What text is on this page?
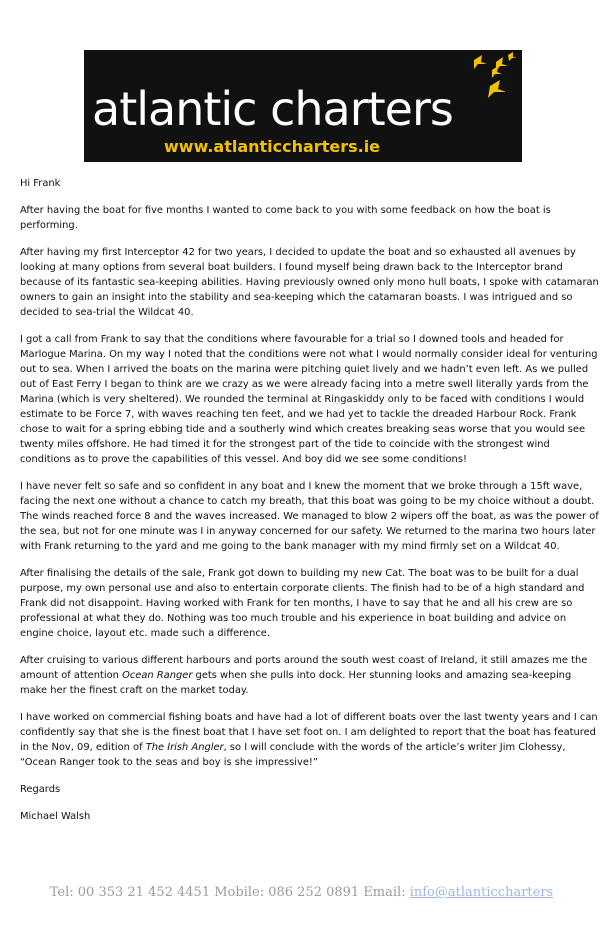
atlantic charters
www.atlanticcharters.ie

Hi Frank

After having the boat for five months I wanted to come back to you with some feedback on how the boat is performing.

After having my first Interceptor 42 for two years, I decided to update the boat and so exhausted all avenues by looking at many options from several boat builders. I found myself being drawn back to the Interceptor brand because of its fantastic sea-keeping abilities. Having previously owned only mono hull boats, I spoke with catamaran owners to gain an insight into the stability and sea-keeping which the catamaran boasts. I was intrigued and so decided to sea-trial the Wildcat 40.

I got a call from Frank to say that the conditions where favourable for a trial so I downed tools and headed for Marlogue Marina. On my way I noted that the conditions were not what I would normally consider ideal for venturing out to sea. When I arrived the boats on the marina were pitching quiet lively and we hadn’t even left. As we pulled out of East Ferry I began to think are we crazy as we were already facing into a metre swell literally yards from the Marina (which is very sheltered). We rounded the terminal at Ringaskiddy only to be faced with conditions I would estimate to be Force 7, with waves reaching ten feet, and we had yet to tackle the dreaded Harbour Rock. Frank chose to wait for a spring ebbing tide and a southerly wind which creates breaking seas worse that you would see twenty miles offshore. He had timed it for the strongest part of the tide to coincide with the strongest wind conditions as to prove the capabilities of this vessel. And boy did we see some conditions!

I have never felt so safe and so confident in any boat and I knew the moment that we broke through a 15ft wave, facing the next one without a chance to catch my breath, that this boat was going to be my choice without a doubt. The winds reached force 8 and the waves increased. We managed to blow 2 wipers off the boat, as was the power of the sea, but not for one minute was I in anyway concerned for our safety. We returned to the marina two hours later with Frank returning to the yard and me going to the bank manager with my mind firmly set on a Wildcat 40.

After finalising the details of the sale, Frank got down to building my new Cat. The boat was to be built for a dual purpose, my own personal use and also to entertain corporate clients. The finish had to be of a high standard and Frank did not disappoint. Having worked with Frank for ten months, I have to say that he and all his crew are so professional at what they do. Nothing was too much trouble and his experience in boat building and advice on engine choice, layout etc. made such a difference.

After cruising to various different harbours and ports around the south west coast of Ireland, it still amazes me the amount of attention Ocean Ranger gets when she pulls into dock. Her stunning looks and amazing sea-keeping make her the finest craft on the market today.

I have worked on commercial fishing boats and have had a lot of different boats over the last twenty years and I can confidently say that she is the finest boat that I have set foot on. I am delighted to report that the boat has featured in the Nov, 09, edition of The Irish Angler, so I will conclude with the words of the article’s writer Jim Clohessy, “Ocean Ranger took to the seas and boy is she impressive!”

Regards

Michael Walsh

Tel: 00 353 21 452 4451 Mobile: 086 252 0891 Email: info@atlanticcharters
